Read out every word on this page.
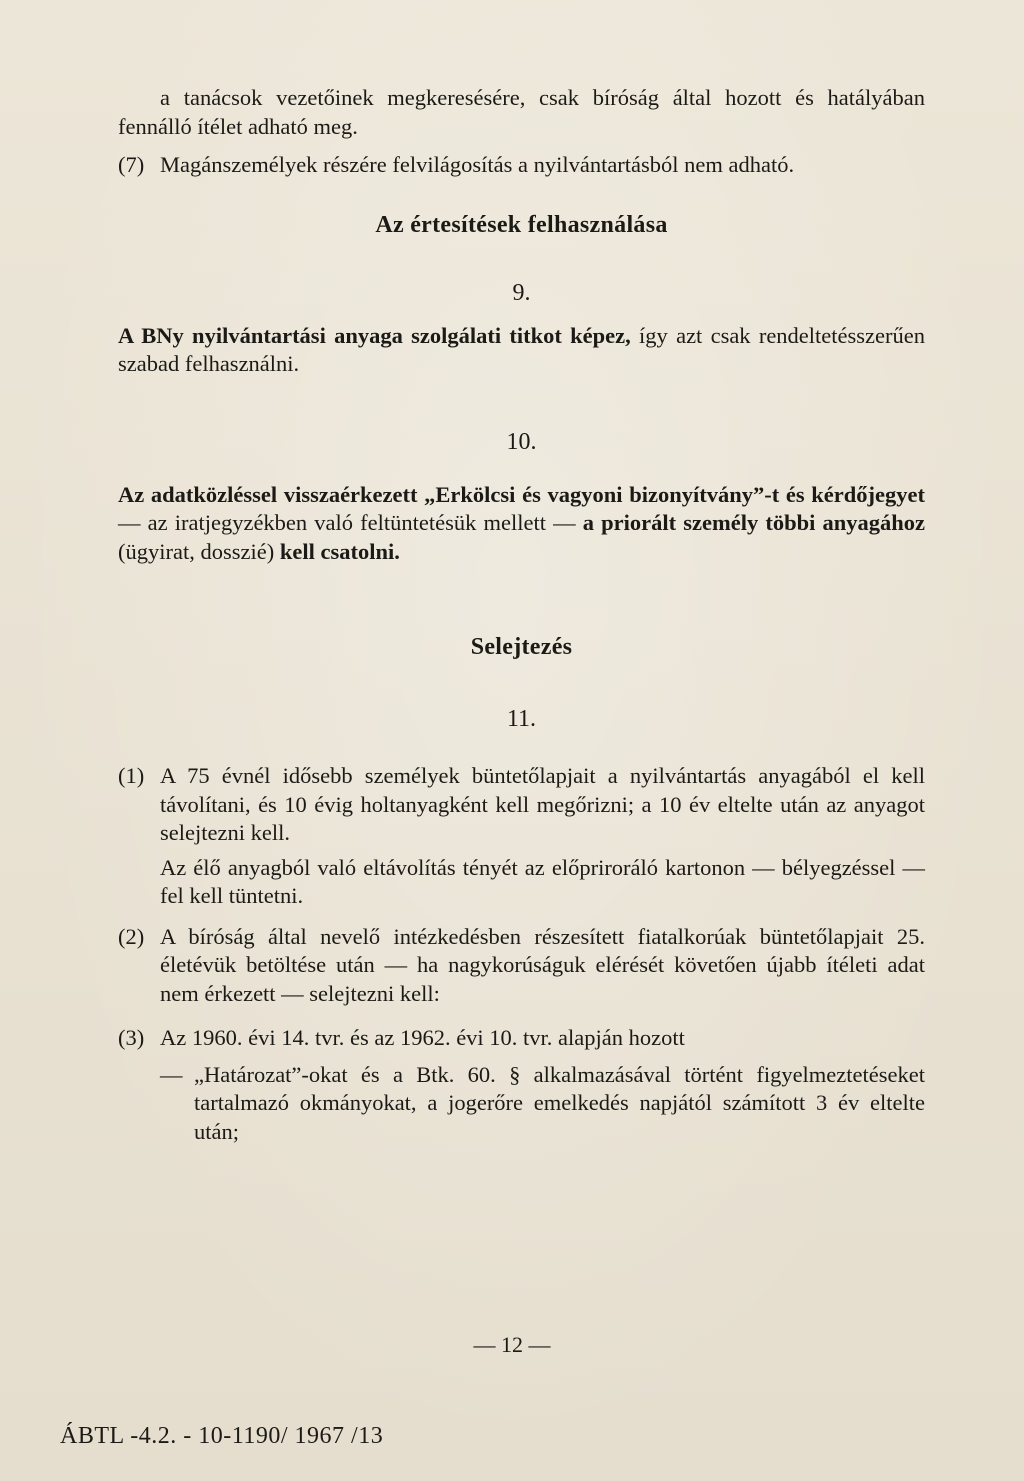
a tanácsok vezetőinek megkeresésére, csak bíróság által hozott és hatályában fennálló ítélet adható meg.

(7) Magánszemélyek részére felvilágosítás a nyilvántartásból nem adható.

Az értesítések felhasználása

9.

A BNy nyilvántartási anyaga szolgálati titkot képez, így azt csak rendeltetésszerűen szabad felhasználni.

10.

Az adatközléssel visszaérkezett „Erkölcsi és vagyoni bizonyítvány”-t és kérdőjegyet — az iratjegyzékben való feltüntetésük mellett — a priorált személy többi anyagához (ügyirat, dosszié) kell csatolni.

Selejtezés

11.

(1) A 75 évnél idősebb személyek büntetőlapjait a nyilvántartás anyagából el kell távolítani, és 10 évig holtanyagként kell megőrizni; a 10 év eltelte után az anyagot selejtezni kell.
Az élő anyagból való eltávolítás tényét az előpriroráló kartonon — bélyegzéssel — fel kell tüntetni.
(2) A bíróság által nevelő intézkedésben részesített fiatalkorúak büntetőlapjait 25. életévük betöltése után — ha nagykorúságuk elérését követően újabb ítéleti adat nem érkezett — selejtezni kell:
(3) Az 1960. évi 14. tvr. és az 1962. évi 10. tvr. alapján hozott
— „Határozat”-okat és a Btk. 60. § alkalmazásával történt figyelmeztetéseket tartalmazó okmányokat, a jogerőre emelkedés napjától számított 3 év eltelte után;
— 12 —
ÁBTL -4.2. - 10-1190/ 1967 /13
